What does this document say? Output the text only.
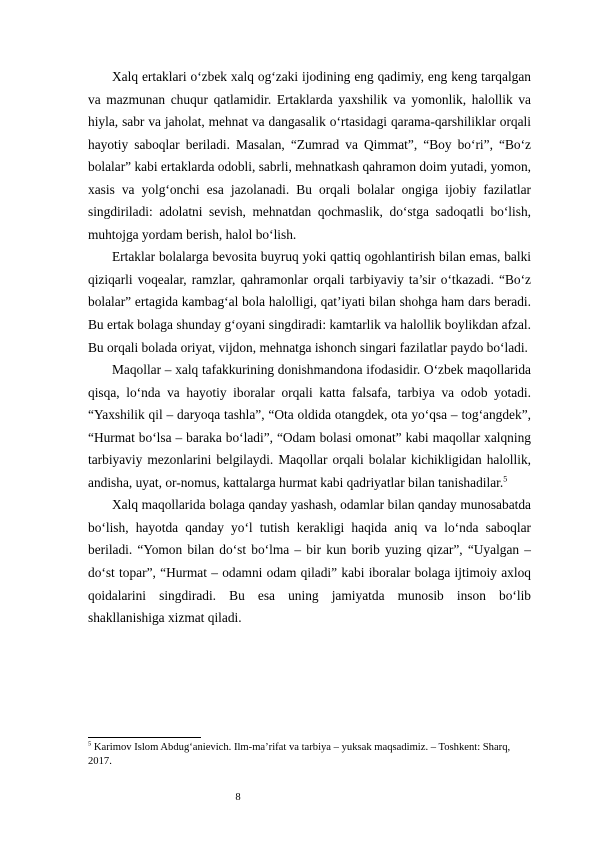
Xalq ertaklari o‘zbek xalq og‘zaki ijodining eng qadimiy, eng keng tarqalgan va mazmunan chuqur qatlamidir. Ertaklarda yaxshilik va yomonlik, halollik va hiyla, sabr va jaholat, mehnat va dangasalik o‘rtasidagi qarama-qarshiliklar orqali hayotiy saboqlar beriladi. Masalan, “Zumrad va Qimmat”, “Boy bo‘ri”, “Bo‘z bolalar” kabi ertaklarda odobli, sabrli, mehnatkash qahramon doim yutadi, yomon, xasis va yolg‘onchi esa jazolanadi. Bu orqali bolalar ongiga ijobiy fazilatlar singdiriladi: adolatni sevish, mehnatdan qochmaslik, do‘stga sadoqatli bo‘lish, muhtojga yordam berish, halol bo‘lish.

Ertaklar bolalarga bevosita buyruq yoki qattiq ogohlantirish bilan emas, balki qiziqarli voqealar, ramzlar, qahramonlar orqali tarbiyaviy ta’sir o‘tkazadi. “Bo‘z bolalar” ertagida kambag‘al bola halolligi, qat’iyati bilan shohga ham dars beradi. Bu ertak bolaga shunday g‘oyani singdiradi: kamtarlik va halollik boylikdan afzal. Bu orqali bolada oriyat, vijdon, mehnatga ishonch singari fazilatlar paydo bo‘ladi.

Maqollar – xalq tafakkurining donishmandona ifodasidir. O‘zbek maqollarida qisqa, lo‘nda va hayotiy iboralar orqali katta falsafa, tarbiya va odob yotadi. “Yaxshilik qil – daryoqa tashla”, “Ota oldida otangdek, ota yo‘qsa – tog‘angdek”, “Hurmat bo‘lsa – baraka bo‘ladi”, “Odam bolasi omonat” kabi maqollar xalqning tarbiyaviy mezonlarini belgilaydi. Maqollar orqali bolalar kichikligidan halollik, andisha, uyat, or-nomus, kattalarga hurmat kabi qadriyatlar bilan tanishadilar.$^5$

Xalq maqollarida bolaga qanday yashash, odamlar bilan qanday munosabatda bo‘lish, hayotda qanday yo‘l tutish kerakligi haqida aniq va lo‘nda saboqlar beriladi. “Yomon bilan do‘st bo‘lma – bir kun borib yuzing qizar”, “Uyalgan – do‘st topar”, “Hurmat – odamni odam qiladi” kabi iboralar bolaga ijtimoiy axloq qoidalarini singdiradi. Bu esa uning jamiyatda munosib inson bo‘lib shakllanishiga xizmat qiladi.

$^5$ Karimov Islom Abdug‘anievich. Ilm-ma’rifat va tarbiya – yuksak maqsadimiz. – Toshkent: Sharq, 2017.
8
